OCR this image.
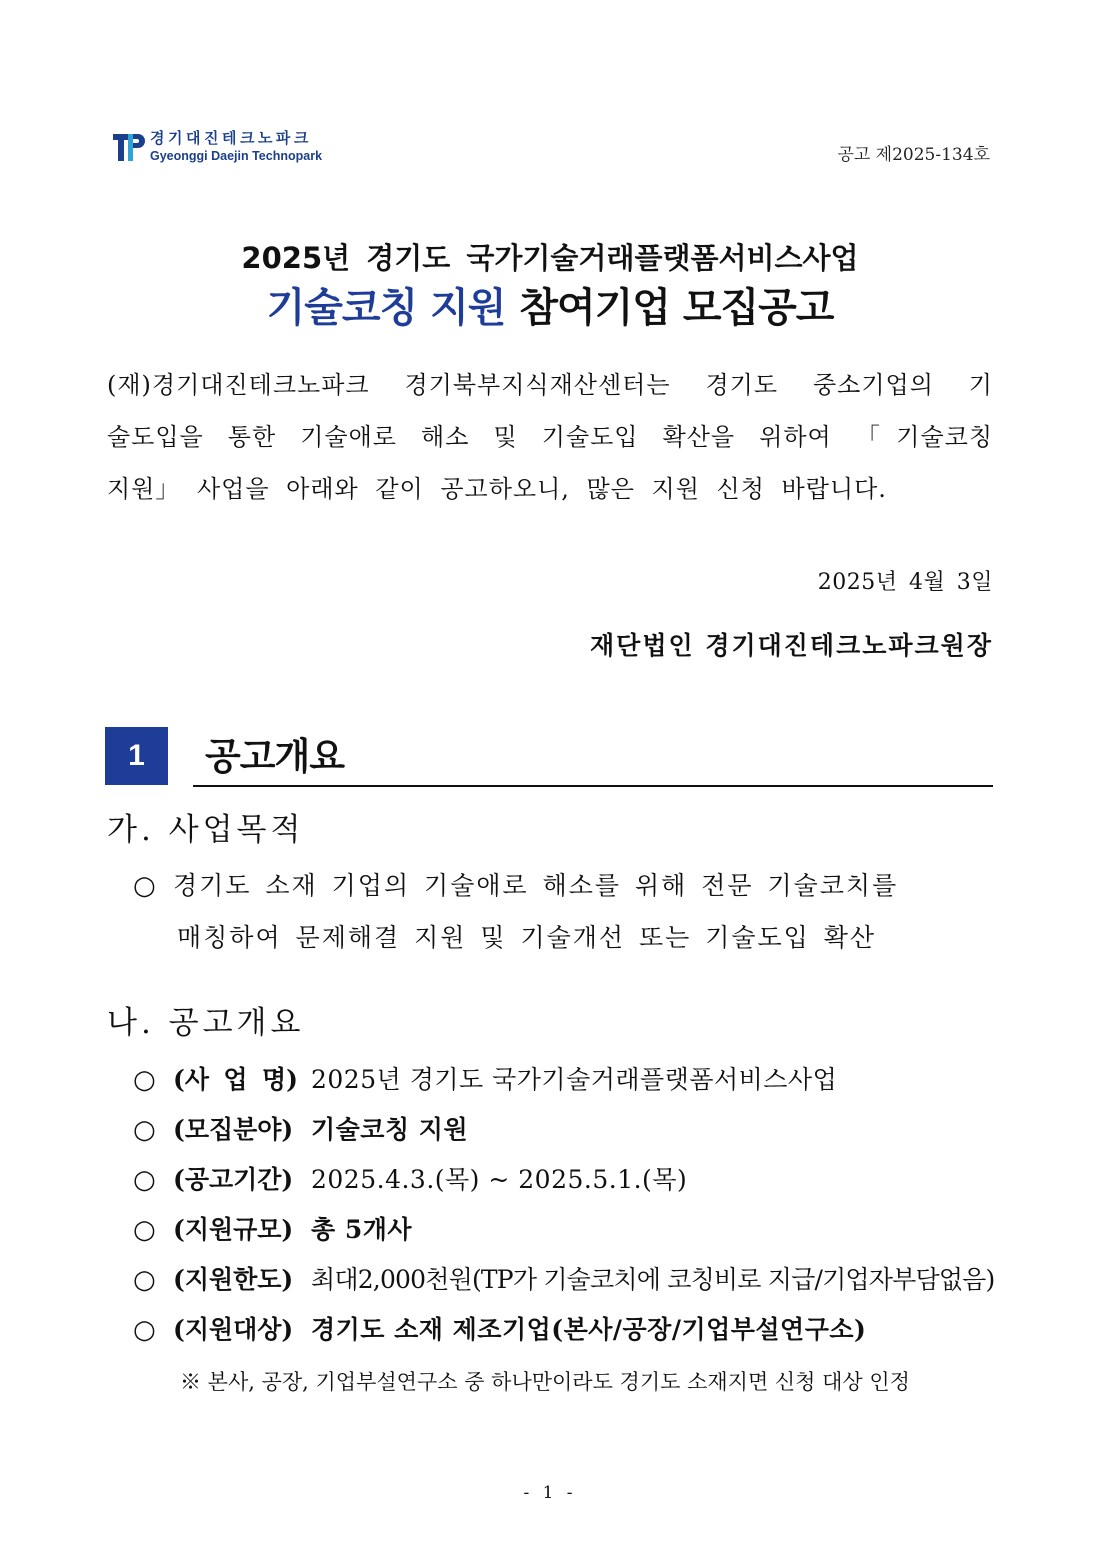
경기대진테크노파크
Gyeonggi Daejin Technopark	공고 제2025-134호
2025년 경기도 국가기술거래플랫폼서비스사업
기술코칭 지원 참여기업 모집공고
(재)경기대진테크노파크 경기북부지식재산센터는 경기도 중소기업의 기
술도입을 통한 기술애로 해소 및 기술도입 확산을 위하여 「기술코칭
지원」 사업을 아래와 같이 공고하오니, 많은 지원 신청 바랍니다.
2025년 4월 3일
재단법인 경기대진테크노파크원장
1	공고개요
가. 사업목적
○ 경기도 소재 기업의 기술애로 해소를 위해 전문 기술코치를
매칭하여 문제해결 지원 및 기술개선 또는 기술도입 확산
나. 공고개요
○ (사 업 명) 2025년 경기도 국가기술거래플랫폼서비스사업
○ (모집분야) 기술코칭 지원
○ (공고기간) 2025.4.3.(목) ~ 2025.5.1.(목)
○ (지원규모) 총 5개사
○ (지원한도) 최대2,000천원(TP가 기술코치에 코칭비로 지급/기업자부담없음)
○ (지원대상) 경기도 소재 제조기업(본사/공장/기업부설연구소)
※ 본사, 공장, 기업부설연구소 중 하나만이라도 경기도 소재지면 신청 대상 인정
- 1 -
